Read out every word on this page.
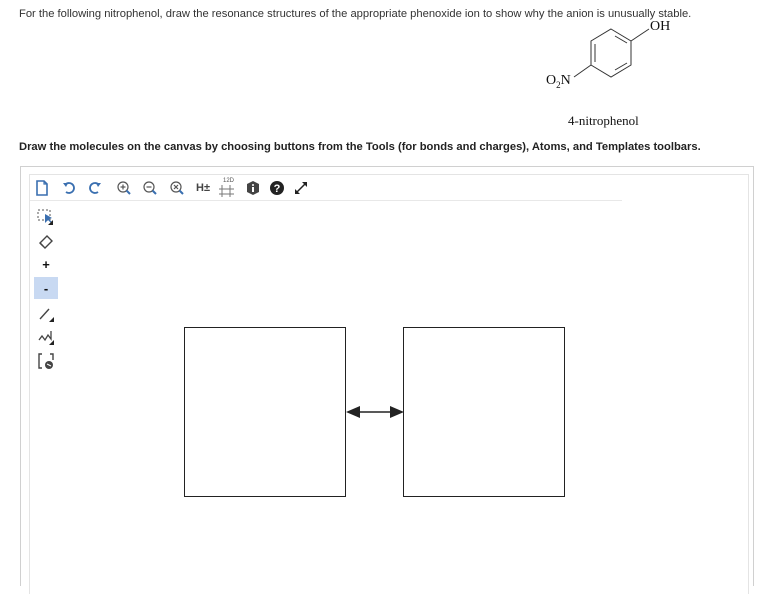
For the following nitrophenol, draw the resonance structures of the appropriate phenoxide ion to show why the anion is unusually stable.
OH
$O_2N$
4-nitrophenol
Draw the molecules on the canvas by choosing buttons from the Tools (for bonds and charges), Atoms, and Templates toolbars.
H±
12D
?
+
-
